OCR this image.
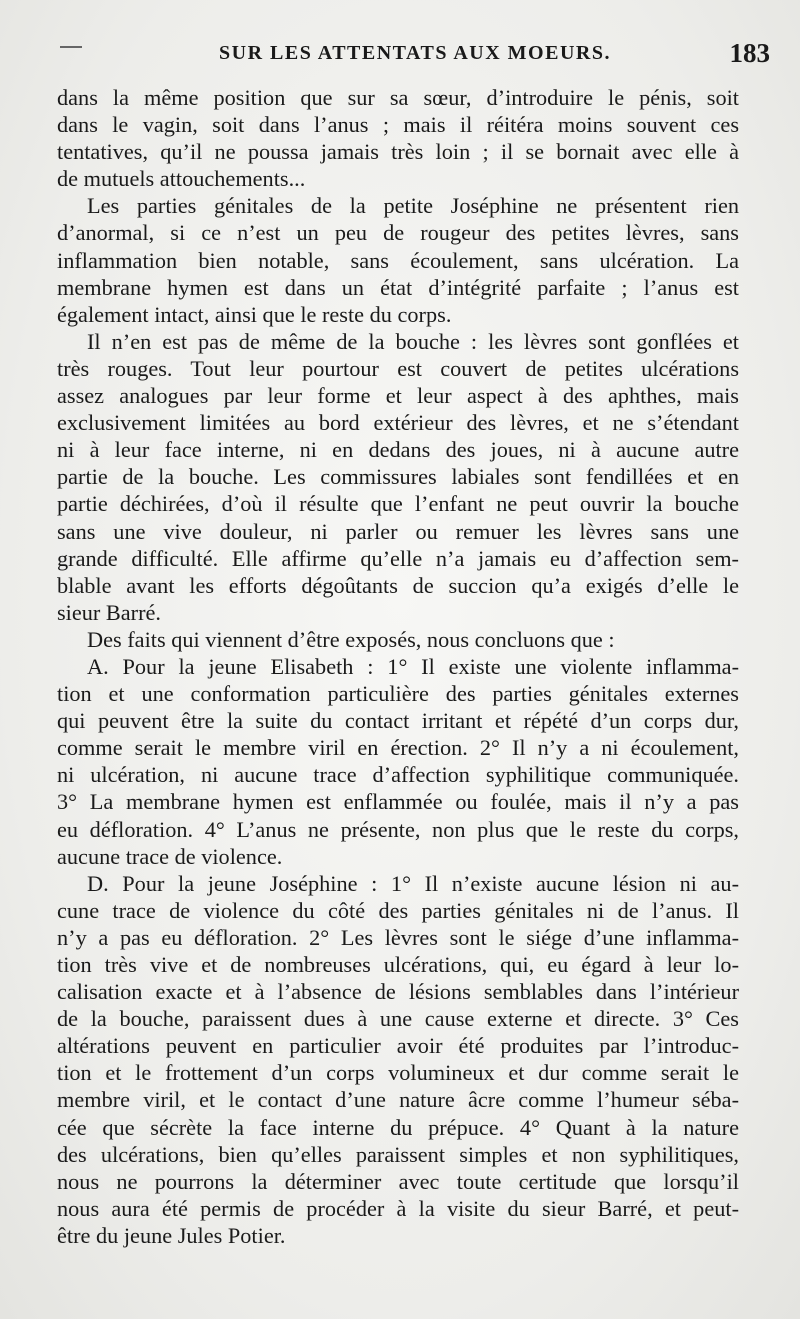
SUR LES ATTENTATS AUX MOEURS.	183
dans la même position que sur sa sœur, d’introduire le pénis, soit
dans le vagin, soit dans l’anus ; mais il réitéra moins souvent ces
tentatives, qu’il ne poussa jamais très loin ; il se bornait avec elle à
de mutuels attouchements...
Les parties génitales de la petite Joséphine ne présentent rien
d’anormal, si ce n’est un peu de rougeur des petites lèvres, sans
inflammation bien notable, sans écoulement, sans ulcération. La
membrane hymen est dans un état d’intégrité parfaite ; l’anus est
également intact, ainsi que le reste du corps.
Il n’en est pas de même de la bouche : les lèvres sont gonflées et
très rouges. Tout leur pourtour est couvert de petites ulcérations
assez analogues par leur forme et leur aspect à des aphthes, mais
exclusivement limitées au bord extérieur des lèvres, et ne s’étendant
ni à leur face interne, ni en dedans des joues, ni à aucune autre
partie de la bouche. Les commissures labiales sont fendillées et en
partie déchirées, d’où il résulte que l’enfant ne peut ouvrir la bouche
sans une vive douleur, ni parler ou remuer les lèvres sans une
grande difficulté. Elle affirme qu’elle n’a jamais eu d’affection sem-
blable avant les efforts dégoûtants de succion qu’a exigés d’elle le
sieur Barré.
Des faits qui viennent d’être exposés, nous concluons que :
A. Pour la jeune Elisabeth : 1° Il existe une violente inflamma-
tion et une conformation particulière des parties génitales externes
qui peuvent être la suite du contact irritant et répété d’un corps dur,
comme serait le membre viril en érection. 2° Il n’y a ni écoulement,
ni ulcération, ni aucune trace d’affection syphilitique communiquée.
3° La membrane hymen est enflammée ou foulée, mais il n’y a pas
eu défloration. 4° L’anus ne présente, non plus que le reste du corps,
aucune trace de violence.
D. Pour la jeune Joséphine : 1° Il n’existe aucune lésion ni au-
cune trace de violence du côté des parties génitales ni de l’anus. Il
n’y a pas eu défloration. 2° Les lèvres sont le siége d’une inflamma-
tion très vive et de nombreuses ulcérations, qui, eu égard à leur lo-
calisation exacte et à l’absence de lésions semblables dans l’intérieur
de la bouche, paraissent dues à une cause externe et directe. 3° Ces
altérations peuvent en particulier avoir été produites par l’introduc-
tion et le frottement d’un corps volumineux et dur comme serait le
membre viril, et le contact d’une nature âcre comme l’humeur séba-
cée que sécrète la face interne du prépuce. 4° Quant à la nature
des ulcérations, bien qu’elles paraissent simples et non syphilitiques,
nous ne pourrons la déterminer avec toute certitude que lorsqu’il
nous aura été permis de procéder à la visite du sieur Barré, et peut-
être du jeune Jules Potier.
